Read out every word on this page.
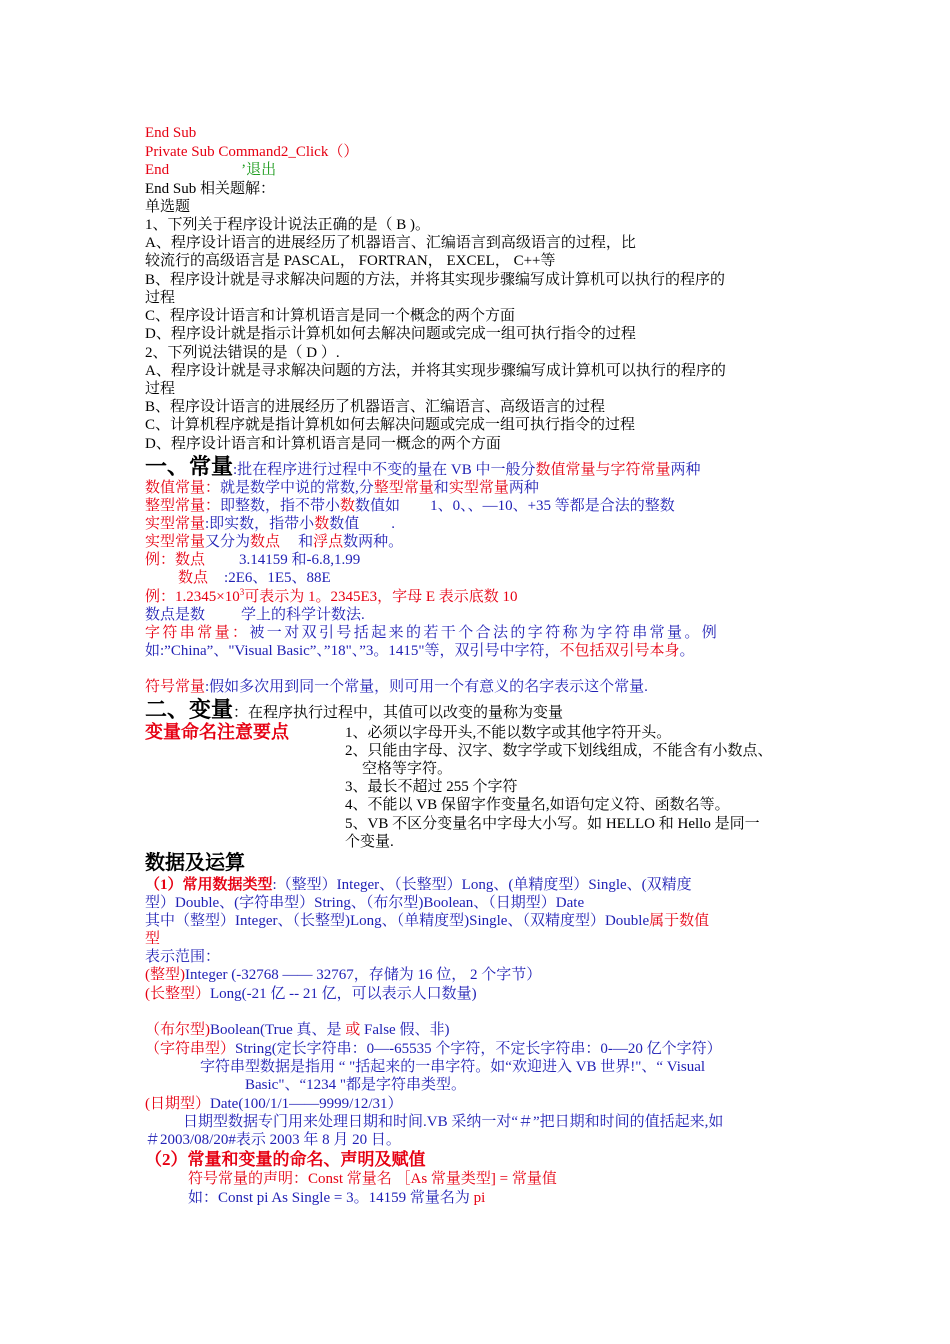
End Sub
Private Sub Command2_Click（）
End	’退出
End Sub 相关题解：
单选题
1、下列关于程序设计说法正确的是（ B )。
A、程序设计语言的进展经历了机器语言、汇编语言到高级语言的过程，比
较流行的高级语言是 PASCAL， FORTRAN， EXCEL， C++等
B、程序设计就是寻求解决问题的方法，并将其实现步骤编写成计算机可以执行的程序的
过程
C、程序设计语言和计算机语言是同一个概念的两个方面
D、程序设计就是指示计算机如何去解决问题或完成一组可执行指令的过程
2、下列说法错误的是（ D ）.
A、程序设计就是寻求解决问题的方法，并将其实现步骤编写成计算机可以执行的程序的
过程
B、程序设计语言的进展经历了机器语言、汇编语言、高级语言的过程
C、计算机程序就是指计算机如何去解决问题或完成一组可执行指令的过程
D、程序设计语言和计算机语言是同一概念的两个方面
一、常量:批在程序进行过程中不变的量在 VB 中一般分数值常量与字符常量两种
数值常量：就是数学中说的常数,分整型常量和实型常量两种
整型常量：即整数，指不带小数数值如 1、0、、—10、+35 等都是合法的整数
实型常量:即实数，指带小数数值 .
实型常量又分为数点 和浮点数两种。
例：数点 3.14159 和-6.8,1.99
数点 :2E6、1E5、88E
例：$1.2345\times 10^3$可表示为 1。2345E3，字母 E 表示底数 10
数点是数 学上的科学计数法.
字符串常量：被一对双引号括起来的若干个合法的字符称为字符串常量。例
如:”China”、"Visual Basic”、”18"、”3。1415"等，双引号中字符，不包括双引号本身。
符号常量:假如多次用到同一个常量，则可用一个有意义的名字表示这个常量.
二、变量：在程序执行过程中，其值可以改变的量称为变量
变量命名注意要点	1、必须以字母开头,不能以数字或其他字符开头。
2、只能由字母、汉字、数字学或下划线组成，不能含有小数点、
空格等字符。
3、最长不超过 255 个字符
4、不能以 VB 保留字作变量名,如语句定义符、函数名等。
5、VB 不区分变量名中字母大小写。如 HELLO 和 Hello 是同一
个变量.
数据及运算
（1）常用数据类型:（整型）Integer、（长整型）Long、(单精度型）Single、(双精度
型）Double、(字符串型）String、（布尔型)Boolean、（日期型）Date
其中（整型）Integer、（长整型)Long、（单精度型)Single、（双精度型）Double属于数值
型
表示范围：
(整型)Integer (-32768 —— 32767，存储为 16 位， 2 个字节）
(长整型）Long(-21 亿 -- 21 亿，可以表示人口数量)
（布尔型)Boolean(True 真、是 或 False 假、非)
（字符串型）String(定长字符串：0—-65535 个字符，不定长字符串：0-—20 亿个字符）
字符串型数据是指用 “ "括起来的一串字符。如“欢迎进入 VB 世界!"、“ Visual
Basic"、“1234 "都是字符串类型。
(日期型）Date(100/1/1——9999/12/31）
日期型数据专门用来处理日期和时间.VB 采纳一对“＃”把日期和时间的值括起来,如
＃2003/08/20#表示 2003 年 8 月 20 日。
（2）常量和变量的命名、声明及赋值
符号常量的声明：Const 常量名 ［As 常量类型] = 常量值
如：Const pi As Single = 3。14159 常量名为 pi
